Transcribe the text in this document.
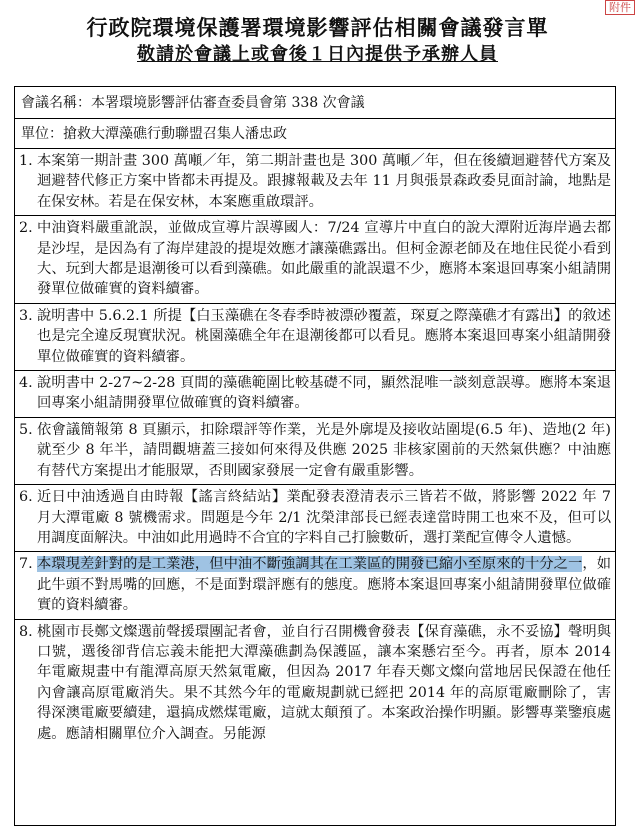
附件
行政院環境保護署環境影響評估相關會議發言單
敬請於會議上或會後１日內提供予承辦人員
會議名稱：本署環境影響評估審查委員會第 338 次會議
單位：搶救大潭藻礁行動聯盟召集人潘忠政
1. 本案第一期計畫 300 萬噸／年，第二期計畫也是 300 萬噸／年，但在後續迴避替代方案及迴避替代修正方案中皆都未再提及。跟據報載及去年 11 月與張景森政委見面討論，地點是在保安林。若是在保安林，本案應重啟環評。
2. 中油資料嚴重訛誤，並做成宣導片誤導國人：7/24 宣導片中直白的說大潭附近海岸過去都是沙埕，是因為有了海岸建設的提堤效應才讓藻礁露出。但柯金源老師及在地住民從小看到大、玩到大都是退潮後可以看到藻礁。如此嚴重的訛誤還不少，應將本案退回專案小組請開發單位做確實的資料續審。
3. 說明書中 5.6.2.1 所提【白玉藻礁在冬春季時被漂砂覆蓋，琛夏之際藻礁才有露出】的敘述也是完全違反現實狀況。桃園藻礁全年在退潮後都可以看見。應將本案退回專案小組請開發單位做確實的資料續審。
4. 說明書中 2-27~2-28 頁間的藻礁範圍比較基礎不同，顯然混唯一談刻意誤導。應將本案退回專案小組請開發單位做確實的資料續審。
5. 依會議簡報第 8 頁顯示，扣除環評等作業，光是外廓堤及接收站圍堤(6.5 年)、造地(2 年)就至少 8 年半，請問觀塘蓋三接如何來得及供應 2025 非核家園前的天然氣供應？中油應有替代方案提出才能服眾，否則國家發展一定會有嚴重影響。
6. 近日中油透過自由時報【謠言終結站】業配發表澄清表示三皆若不做，將影響 2022 年 7 月大潭電廠 8 號機需求。問題是今年 2/1 沈榮津部長已經表達當時開工也來不及，但可以用調度面解決。中油如此用過時不合宜的字料自己打臉數斫，選打業配宣傳令人遺憾。
7. 本環現差針對的是工業港，但中油不斷強調其在工業區的開發已縮小至原來的十分之一，如此牛頭不對馬嘴的回應，不是面對環評應有的態度。應將本案退回專案小組請開發單位做確實的資料續審。
8. 桃園市長鄭文燦選前聲援環團記者會，並自行召開機會發表【保育藻礁，永不妥協】聲明與口號，選後卻背信忘義未能把大潭藻礁劃為保護區，讓本案懸宕至今。再者，原本 2014 年電廠規畫中有龍潭高原天然氣電廠，但因為 2017 年春天鄭文燦向當地居民保證在他任內會讓高原電廠消失。果不其然今年的電廠規劃就已經把 2014 年的高原電廠刪除了，害得深澳電廠要續建，還搞成燃煤電廠，這就太顛預了。本案政治操作明顯。影響專業鑒痕處處。應請相關單位介入調查。另能源
